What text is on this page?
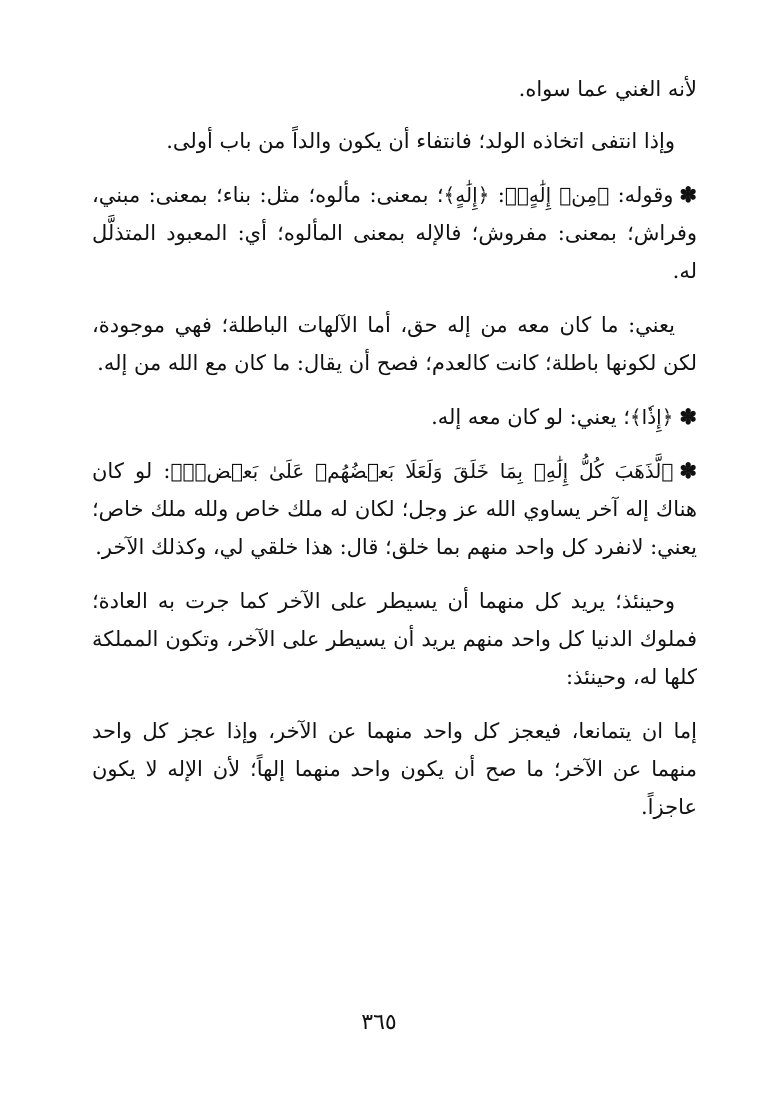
لأنه الغني عما سواه.

وإذا انتفى اتخاذه الولد؛ فانتفاء أن يكون والداً من باب أولى.

✽وقوله: ﴿مِنۡ إِلَٰهٍۚ﴾: ﴿إِلَٰهٍ﴾؛ بمعنى: مألوه؛ مثل: بناء؛ بمعنى: مبني، وفراش؛ بمعنى: مفروش؛ فالإله بمعنى المألوه؛ أي: المعبود المتذلَّل له.

يعني: ما كان معه من إله حق، أما الآلهات الباطلة؛ فهي موجودة، لكن لكونها باطلة؛ كانت كالعدم؛ فصح أن يقال: ما كان مع الله من إله.

✽﴿إِذٗا﴾؛ يعني: لو كان معه إله.

✽﴿لَّذَهَبَ كُلُّ إِلَٰهِۭ بِمَا خَلَقَ وَلَعَلَا بَعۡضُهُمۡ عَلَىٰ بَعۡضٖۚ﴾: لو كان هناك إله آخر يساوي الله عز وجل؛ لكان له ملك خاص ولله ملك خاص؛ يعني: لانفرد كل واحد منهم بما خلق؛ قال: هذا خلقي لي، وكذلك الآخر.

وحينئذ؛ يريد كل منهما أن يسيطر على الآخر كما جرت به العادة؛ فملوك الدنيا كل واحد منهم يريد أن يسيطر على الآخر، وتكون المملكة كلها له، وحينئذ:

إما ان يتمانعا، فيعجز كل واحد منهما عن الآخر، وإذا عجز كل واحد منهما عن الآخر؛ ما صح أن يكون واحد منهما إلهاً؛ لأن الإله لا يكون عاجزاً.

٣٦٥
